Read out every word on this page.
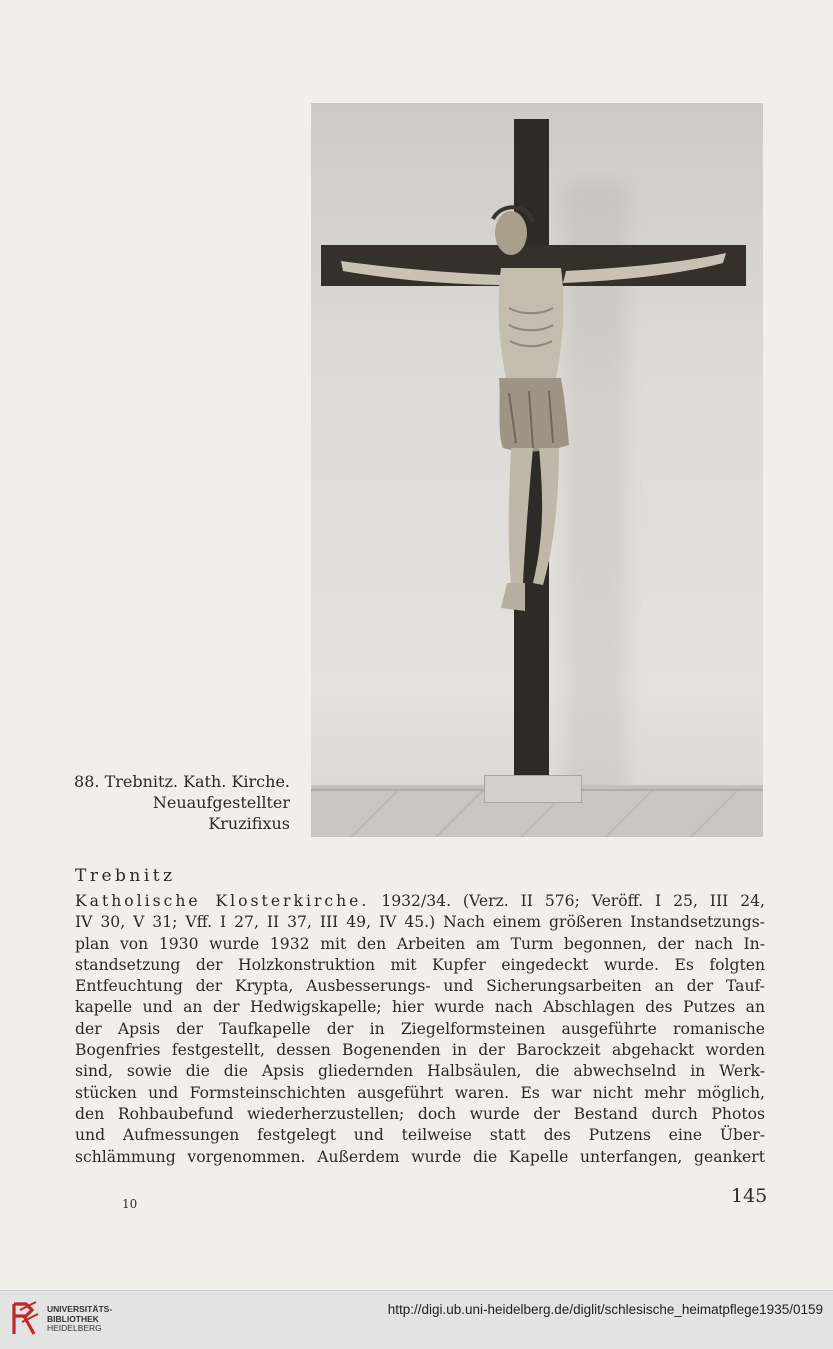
88. Trebnitz. Kath. Kirche.
Neuaufgestellter
Kruzifixus
Trebnitz
Katholische Klosterkirche. 1932/34. (Verz. II 576; Veröff. I 25, III 24,
IV 30, V 31; Vff. I 27, II 37, III 49, IV 45.) Nach einem größeren Instandsetzungs-
plan von 1930 wurde 1932 mit den Arbeiten am Turm begonnen, der nach In-
standsetzung der Holzkonstruktion mit Kupfer eingedeckt wurde. Es folgten
Entfeuchtung der Krypta, Ausbesserungs- und Sicherungsarbeiten an der Tauf-
kapelle und an der Hedwigskapelle; hier wurde nach Abschlagen des Putzes an
der Apsis der Taufkapelle der in Ziegelformsteinen ausgeführte romanische
Bogenfries festgestellt, dessen Bogenenden in der Barockzeit abgehackt worden
sind, sowie die die Apsis gliedernden Halbsäulen, die abwechselnd in Werk-
stücken und Formsteinschichten ausgeführt waren. Es war nicht mehr möglich,
den Rohbaubefund wiederherzustellen; doch wurde der Bestand durch Photos
und Aufmessungen festgelegt und teilweise statt des Putzens eine Über-
schlämmung vorgenommen. Außerdem wurde die Kapelle unterfangen, geankert
10	145
UNIVERSITÄTS-
BIBLIOTHEK
HEIDELBERG
http://digi.ub.uni-heidelberg.de/diglit/schlesische_heimatpflege1935/0159
